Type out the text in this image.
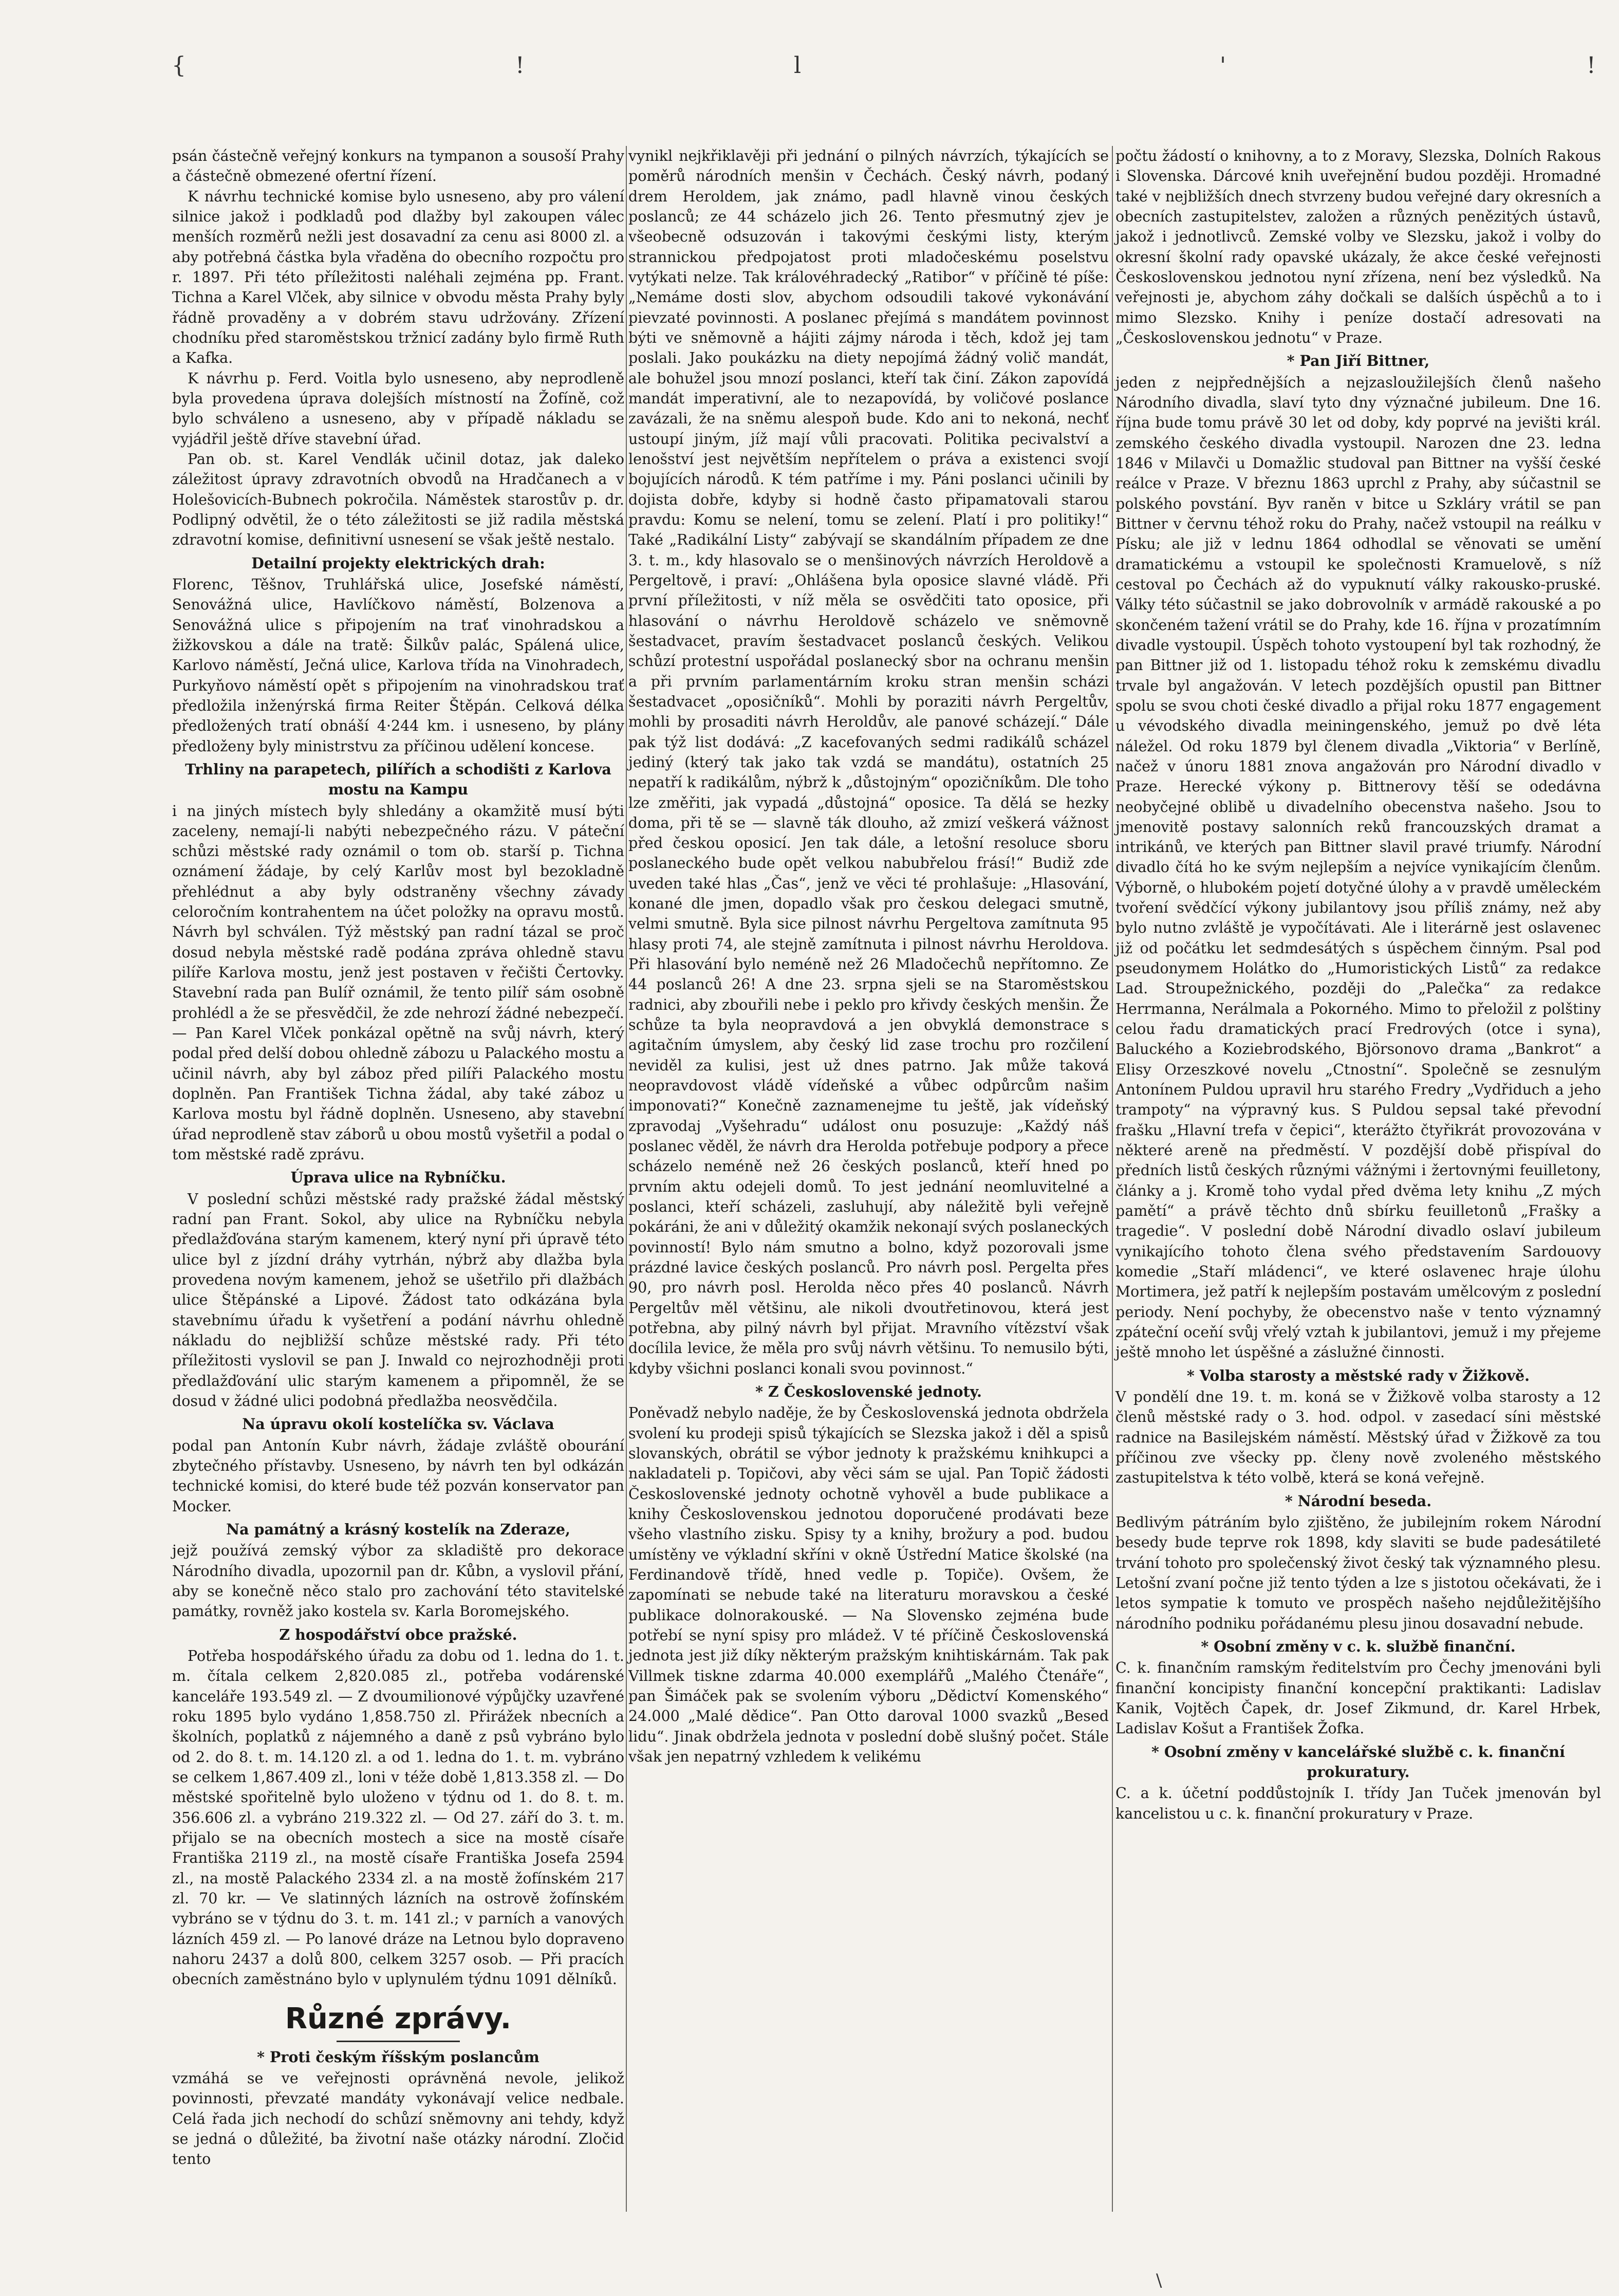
{	!	l	'	!

psán částečně veřejný konkurs na tympanon a sousoší Prahy a částečně obmezené ofertní řízení.

K návrhu technické komise bylo usneseno, aby pro válení silnice jakož i podkladů pod dlažby byl zakoupen válec menších rozměrů nežli jest dosavadní za cenu asi 8000 zl. a aby potřebná částka byla vřaděna do obecního rozpočtu pro r. 1897. Při této příležitosti naléhali zejména pp. Frant. Tichna a Karel Vlček, aby silnice v obvodu města Prahy byly řádně provaděny a v dobrém stavu udržovány. Zřízení chodníku před staroměstskou tržnicí zadány bylo firmě Ruth a Kafka.

K návrhu p. Ferd. Voitla bylo usneseno, aby neprodleně byla provedena úprava dolejších místností na Žofíně, což bylo schváleno a usneseno, aby v případě nákladu se vyjádřil ještě dříve stavební úřad.

Pan ob. st. Karel Vendlák učinil dotaz, jak daleko záležitost úpravy zdravotních obvodů na Hradčanech a v Holešovicích-Bubnech pokročila. Náměstek starostův p. dr. Podlipný odvětil, že o této záležitosti se již radila městská zdravotní komise, definitivní usnesení se však ještě nestalo.

Detailní projekty elektrických drah:

Florenc, Těšnov, Truhlářská ulice, Josefské náměstí, Senovážná ulice, Havlíčkovo náměstí, Bolzenova a Senovážná ulice s připojením na trať vinohradskou a žižkovskou a dále na tratě: Šilkův palác, Spálená ulice, Karlovo náměstí, Ječná ulice, Karlova třída na Vinohradech, Purkyňovo náměstí opět s připojením na vinohradskou trať předložila inženýrská firma Reiter Štěpán. Celková délka předložených tratí obnáší 4·244 km. i usneseno, by plány předloženy byly ministrstvu za příčinou udělení koncese.

Trhliny na parapetech, pilířích a schodišti z Karlova mostu na Kampu

i na jiných místech byly shledány a okamžitě musí býti zaceleny, nemají-li nabýti nebezpečného rázu. V páteční schůzi městské rady oznámil o tom ob. starší p. Tichna oznámení žádaje, by celý Karlův most byl bezokladně přehlédnut a aby byly odstraněny všechny závady celoročním kontrahentem na účet položky na opravu mostů. Návrh byl schválen. Týž městský pan radní tázal se proč dosud nebyla městské radě podána zpráva ohledně stavu pilíře Karlova mostu, jenž jest postaven v řečišti Čertovky. Stavební rada pan Bulíř oznámil, že tento pilíř sám osobně prohlédl a že se přesvědčil, že zde nehrozí žádné nebezpečí. — Pan Karel Vlček ponkázal opětně na svůj návrh, který podal před delší dobou ohledně zábozu u Palackého mostu a učinil návrh, aby byl záboz před pilíři Palackého mostu doplněn. Pan František Tichna žádal, aby také záboz u Karlova mostu byl řádně doplněn. Usneseno, aby stavební úřad neprodleně stav záborů u obou mostů vyšetřil a podal o tom městské radě zprávu.

Úprava ulice na Rybníčku.

V poslední schůzi městské rady pražské žádal městský radní pan Frant. Sokol, aby ulice na Rybníčku nebyla předlažďována starým kamenem, který nyní při úpravě této ulice byl z jízdní dráhy vytrhán, nýbrž aby dlažba byla provedena novým kamenem, jehož se ušetřilo při dlažbách ulice Štěpánské a Lipové. Žádost tato odkázána byla stavebnímu úřadu k vyšetření a podání návrhu ohledně nákladu do nejbližší schůze městské rady. Při této příležitosti vyslovil se pan J. Inwald co nejrozhodněji proti předlažďování ulic starým kamenem a připomněl, že se dosud v žádné ulici podobná předlažba neosvědčila.

Na úpravu okolí kostelíčka sv. Václava

podal pan Antonín Kubr návrh, žádaje zvláště obourání zbytečného přístavby. Usneseno, by návrh ten byl odkázán technické komisi, do které bude též pozván konservator pan Mocker.

Na památný a krásný kostelík na Zderaze,

jejž používá zemský výbor za skladiště pro dekorace Národního divadla, upozornil pan dr. Kůbn, a vyslovil přání, aby se konečně něco stalo pro zachování této stavitelské památky, rovněž jako kostela sv. Karla Boromejského.

Z hospodářství obce pražské.

Potřeba hospodářského úřadu za dobu od 1. ledna do 1. t. m. čítala celkem 2,820.085 zl., potřeba vodárenské kanceláře 193.549 zl. — Z dvoumilionové výpůjčky uzavřené roku 1895 bylo vydáno 1,858.750 zl. Přirážek nbecních a školních, poplatků z nájemného a daně z psů vybráno bylo od 2. do 8. t. m. 14.120 zl. a od 1. ledna do 1. t. m. vybráno se celkem 1,867.409 zl., loni v téže době 1,813.358 zl. — Do městské spořitelně bylo uloženo v týdnu od 1. do 8. t. m. 356.606 zl. a vybráno 219.322 zl. — Od 27. září do 3. t. m. přijalo se na obecních mostech a sice na mostě císaře Františka 2119 zl., na mostě císaře Františka Josefa 2594 zl., na mostě Palackého 2334 zl. a na mostě žofínském 217 zl. 70 kr. — Ve slatinných lázních na ostrově žofínském vybráno se v týdnu do 3. t. m. 141 zl.; v parních a vanových lázních 459 zl. — Po lanové dráze na Letnou bylo dopraveno nahoru 2437 a dolů 800, celkem 3257 osob. — Při pracích obecních zaměstnáno bylo v uplynulém týdnu 1091 dělníků.

Různé zprávy.

* Proti českým říšským poslancům

vzmáhá se ve veřejnosti oprávněná nevole, jelikož povinnosti, převzaté mandáty vykonávají velice nedbale. Celá řada jich nechodí do schůzí sněmovny ani tehdy, když se jedná o důležité, ba životní naše otázky národní. Zločid tento

vynikl nejkřiklavěji při jednání o pilných návrzích, týkajících se poměrů národních menšin v Čechách. Český návrh, podaný drem Heroldem, jak známo, padl hlavně vinou českých poslanců; ze 44 scházelo jich 26. Tento přesmutný zjev je všeobecně odsuzován i takovými českými listy, kterým strannickou předpojatost proti mladočeskému poselstvu vytýkati nelze. Tak královéhradecký „Ratibor“ v příčině té píše: „Nemáme dosti slov, abychom odsoudili takové vykonávání pievzaté povinnosti. A poslanec přejímá s mandátem povinnost býti ve sněmovně a hájiti zájmy národa i těch, kdož jej tam poslali. Jako poukázku na diety nepojímá žádný volič mandát, ale bohužel jsou mnozí poslanci, kteří tak činí. Zákon zapovídá mandát imperativní, ale to nezapovídá, by voličové poslance zavázali, že na sněmu alespoň bude. Kdo ani to nekoná, nechť ustoupí jiným, jíž mají vůli pracovati. Politika pecivalství a lenošství jest největším nepřítelem o práva a existenci svojí bojujících národů. K tém patříme i my. Páni poslanci učinili by dojista dobře, kdyby si hodně často připamatovali starou pravdu: Komu se nelení, tomu se zelení. Platí i pro politiky!“ Také „Radikální Listy“ zabývají se skandálním případem ze dne 3. t. m., kdy hlasovalo se o menšinových návrzích Heroldově a Pergeltově, i praví: „Ohlášena byla oposice slavné vládě. Při první příležitosti, v níž měla se osvědčiti tato oposice, při hlasování o návrhu Heroldově scházelo ve sněmovně šestadvacet, pravím šestadvacet poslanců českých. Velikou schůzí protestní uspořádal poslanecký sbor na ochranu menšin a při prvním parlamentárním kroku stran menšin scházi šestadvacet „oposičníků“. Mohli by poraziti návrh Pergeltův, mohli by prosaditi návrh Heroldův, ale panové scházejí.“ Dále pak týž list dodává: „Z kacefovaných sedmi radikálů scházel jediný (který tak jako tak vzdá se mandátu), ostatních 25 nepatří k radikálům, nýbrž k „důstojným“ opozičníkům. Dle toho lze změřiti, jak vypadá „důstojná“ oposice. Ta dělá se hezky doma, při tě se — slavně ták dlouho, až zmizí veškerá vážnost před českou oposicí. Jen tak dále, a letošní resoluce sboru poslaneckého bude opět velkou nabubřelou frásí!“ Budiž zde uveden také hlas „Čas“, jenž ve věci té prohlašuje: „Hlasování, konané dle jmen, dopadlo však pro českou delegaci smutně, velmi smutně. Byla sice pilnost návrhu Pergeltova zamítnuta 95 hlasy proti 74, ale stejně zamítnuta i pilnost návrhu Heroldova. Při hlasování bylo neméně než 26 Mladočechů nepřítomno. Ze 44 poslanců 26! A dne 23. srpna sjeli se na Staroměstskou radnici, aby zbouřili nebe i peklo pro křivdy českých menšin. Že schůze ta byla neopravdová a jen obvyklá demonstrace s agitačním úmyslem, aby český lid zase trochu pro rozčilení neviděl za kulisi, jest už dnes patrno. Jak může taková neopravdovost vládě vídeňské a vůbec odpůrcům našim imponovati?“ Konečně zaznamenejme tu ještě, jak vídeňský zpravodaj „Vyšehradu“ událost onu posuzuje: „Každý náš poslanec věděl, že návrh dra Herolda potřebuje podpory a přece scházelo neméně než 26 českých poslanců, kteří hned po prvním aktu odejeli domů. To jest jednání neomluvitelné a poslanci, kteří scházeli, zasluhují, aby náležitě byli veřejně pokáráni, že ani v důležitý okamžik nekonají svých poslaneckých povinností! Bylo nám smutno a bolno, když pozorovali jsme prázdné lavice českých poslanců. Pro návrh posl. Pergelta přes 90, pro návrh posl. Herolda něco přes 40 poslanců. Návrh Pergeltův měl většinu, ale nikoli dvoutřetinovou, která jest potřebna, aby pilný návrh byl přijat. Mravního vítězství však docílila levice, že měla pro svůj návrh většinu. To nemusilo býti, kdyby všichni poslanci konali svou povinnost.“

* Z Československé jednoty.

Poněvadž nebylo naděje, že by Československá jednota obdržela svolení ku prodeji spisů týkajících se Slezska jakož i děl a spisů slovanských, obrátil se výbor jednoty k pražskému knihkupci a nakladateli p. Topičovi, aby věci sám se ujal. Pan Topič žádosti Československé jednoty ochotně vyhověl a bude publikace a knihy Československou jednotou doporučené prodávati beze všeho vlastního zisku. Spisy ty a knihy, brožury a pod. budou umístěny ve výkladní skříni v okně Ústřední Matice školské (na Ferdinandově třídě, hned vedle p. Topiče). Ovšem, že zapomínati se nebude také na literaturu moravskou a české publikace dolnorakouské. — Na Slovensko zejména bude potřebí se nyní spisy pro mládež. V té příčině Československá jednota jest již díky některým pražským knihtiskárnám. Tak pak Villmek tiskne zdarma 40.000 exemplářů „Malého Čtenáře“, pan Šimáček pak se svolením výboru „Dědictví Komenského“ 24.000 „Malé dědice“. Pan Otto daroval 1000 svazků „Besed lidu“. Jinak obdržela jednota v poslední době slušný počet. Stále však jen nepatrný vzhledem k velikému

počtu žádostí o knihovny, a to z Moravy, Slezska, Dolních Rakous i Slovenska. Dárcové knih uveřejnění budou později. Hromadné také v nejbližších dnech stvrzeny budou veřejné dary okresních a obecních zastupitelstev, založen a různých penězitých ústavů, jakož i jednotlivců. Zemské volby ve Slezsku, jakož i volby do okresní školní rady opavské ukázaly, že akce české veřejnosti Československou jednotou nyní zřízena, není bez výsledků. Na veřejnosti je, abychom záhy dočkali se dalších úspěchů a to i mimo Slezsko. Knihy i peníze dostačí adresovati na „Československou jednotu“ v Praze.

* Pan Jiří Bittner,

jeden z nejpřednějších a nejzasloužilejších členů našeho Národního divadla, slaví tyto dny význačné jubileum. Dne 16. října bude tomu právě 30 let od doby, kdy poprvé na jevišti král. zemského českého divadla vystoupil. Narozen dne 23. ledna 1846 v Milavči u Domažlic studoval pan Bittner na vyšší české reálce v Praze. V březnu 1863 uprchl z Prahy, aby súčastnil se polského povstání. Byv raněn v bitce u Szkláry vrátil se pan Bittner v červnu téhož roku do Prahy, načež vstoupil na reálku v Písku; ale již v lednu 1864 odhodlal se věnovati se umění dramatickému a vstoupil ke společnosti Kramuelově, s níž cestoval po Čechách až do vypuknutí války rakousko-pruské. Války této súčastnil se jako dobrovolník v armádě rakouské a po skončeném tažení vrátil se do Prahy, kde 16. října v prozatímním divadle vystoupil. Úspěch tohoto vystoupení byl tak rozhodný, že pan Bittner již od 1. listopadu téhož roku k zemskému divadlu trvale byl angažován. V letech pozdějších opustil pan Bittner spolu se svou choti české divadlo a přijal roku 1877 engagement u vévodského divadla meiningenského, jemuž po dvě léta náležel. Od roku 1879 byl členem divadla „Viktoria“ v Berlíně, načež v únoru 1881 znova angažován pro Národní divadlo v Praze. Herecké výkony p. Bittnerovy těší se odedávna neobyčejné oblibě u divadelního obecenstva našeho. Jsou to jmenovitě postavy salonních reků francouzských dramat a intrikánů, ve kterých pan Bittner slavil pravé triumfy. Národní divadlo čítá ho ke svým nejlepším a nejvíce vynikajícím členům. Výborně, o hlubokém pojetí dotyčné úlohy a v pravdě uměleckém tvoření svědčící výkony jubilantovy jsou příliš známy, než aby bylo nutno zvláště je vypočítávati. Ale i literárně jest oslavenec již od počátku let sedmdesátých s úspěchem činným. Psal pod pseudonymem Holátko do „Humoristických Listů“ za redakce Lad. Stroupežnického, později do „Palečka“ za redakce Herrmanna, Nerálmala a Pokorného. Mimo to přeložil z polštiny celou řadu dramatických prací Fredrových (otce i syna), Baluckého a Koziebrodského, Björsonovo drama „Bankrot“ a Elisy Orzeszkové novelu „Ctnostní“. Společně se zesnulým Antonínem Puldou upravil hru starého Fredry „Vydřiduch a jeho trampoty“ na výpravný kus. S Puldou sepsal také převodní frašku „Hlavní trefa v čepici“, kterážto čtyřikrát provozována v některé areně na předměstí. V pozdější době přispíval do předních listů českých různými vážnými i žertovnými feuilletony, články a j. Kromě toho vydal před dvěma lety knihu „Z mých pamětí“ a právě těchto dnů sbírku feuilletonů „Frašky a tragedie“. V poslední době Národní divadlo oslaví jubileum vynikajícího tohoto člena svého představením Sardouovy komedie „Staří mládenci“, ve které oslavenec hraje úlohu Mortimera, jež patří k nejlepším postavám umělcovým z poslední periody. Není pochyby, že obecenstvo naše v tento významný zpáteční oceňí svůj vřelý vztah k jubilantovi, jemuž i my přejeme ještě mnoho let úspěšné a záslužné činnosti.

* Volba starosty a městské rady v Žižkově.

V pondělí dne 19. t. m. koná se v Žižkově volba starosty a 12 členů městské rady o 3. hod. odpol. v zasedací síni městské radnice na Basilejském náměstí. Městský úřad v Žižkově za tou příčinou zve všecky pp. členy nově zvoleného městského zastupitelstva k této volbě, která se koná veřejně.

* Národní beseda.

Bedlivým pátráním bylo zjištěno, že jubilejním rokem Národní besedy bude teprve rok 1898, kdy slaviti se bude padesátileté trvání tohoto pro společenský život český tak významného plesu. Letošní zvaní počne již tento týden a lze s jistotou očekávati, že i letos sympatie k tomuto ve prospěch našeho nejdůležitějšího národního podniku pořádanému plesu jinou dosavadní nebude.

* Osobní změny v c. k. službě finanční.

C. k. finančním ramským ředitelstvím pro Čechy jmenováni byli finanční koncipisty finanční koncepční praktikanti: Ladislav Kanik, Vojtěch Čapek, dr. Josef Zikmund, dr. Karel Hrbek, Ladislav Košut a František Žofka.

* Osobní změny v kancelářské službě c. k. finanční prokuratury.

C. a k. účetní poddůstojník I. třídy Jan Tuček jmenován byl kancelistou u c. k. finanční prokuratury v Praze.

\
